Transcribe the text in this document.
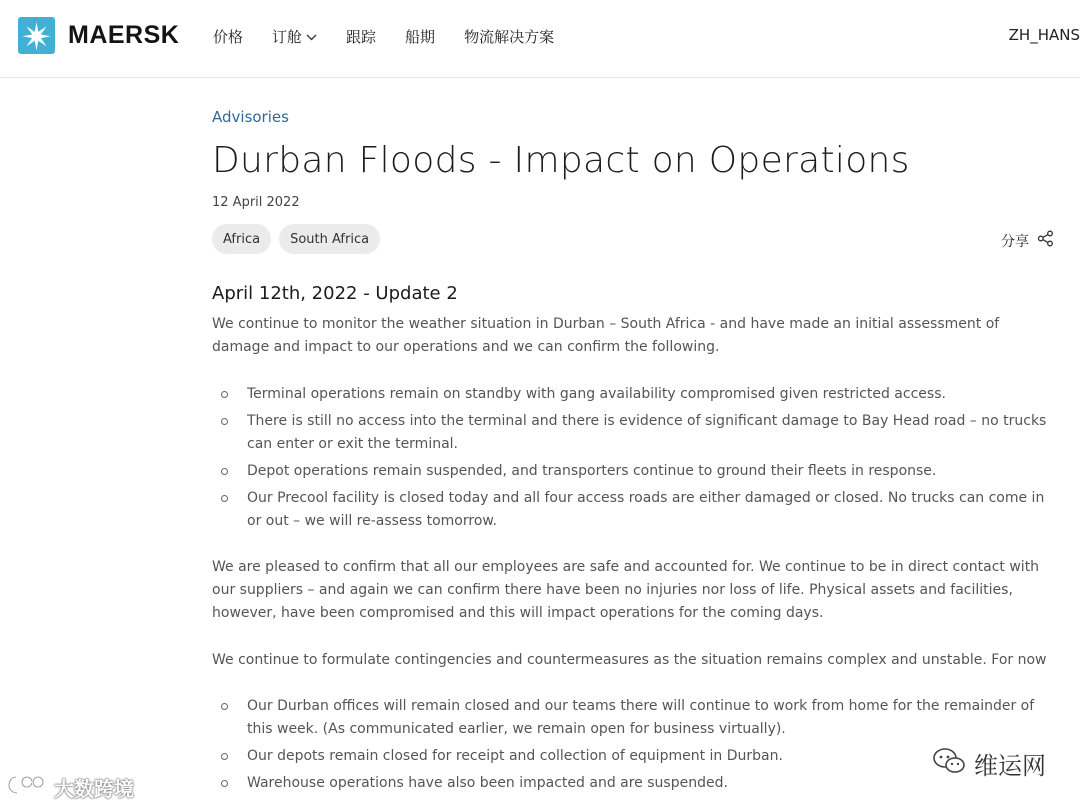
MAERSK 价格 订舱	跟踪 船期 物流解决方案	ZH_HANS
Advisories
Durban Floods - Impact on Operations
12 April 2022
Africa	South Africa	分享
April 12th, 2022 - Update 2
We continue to monitor the weather situation in Durban – South Africa - and have made an initial assessment of damage and impact to our operations and we can confirm the following.
Terminal operations remain on standby with gang availability compromised given restricted access.
There is still no access into the terminal and there is evidence of significant damage to Bay Head road – no trucks can enter or exit the terminal.
Depot operations remain suspended, and transporters continue to ground their fleets in response.
Our Precool facility is closed today and all four access roads are either damaged or closed. No trucks can come in or out – we will re-assess tomorrow.
We are pleased to confirm that all our employees are safe and accounted for. We continue to be in direct contact with our suppliers – and again we can confirm there have been no injuries nor loss of life. Physical assets and facilities, however, have been compromised and this will impact operations for the coming days.
We continue to formulate contingencies and countermeasures as the situation remains complex and unstable. For now
Our Durban offices will remain closed and our teams there will continue to work from home for the remainder of this week. (As communicated earlier, we remain open for business virtually).
Our depots remain closed for receipt and collection of equipment in Durban.
Warehouse operations have also been impacted and are suspended.
大数跨境
维运网
